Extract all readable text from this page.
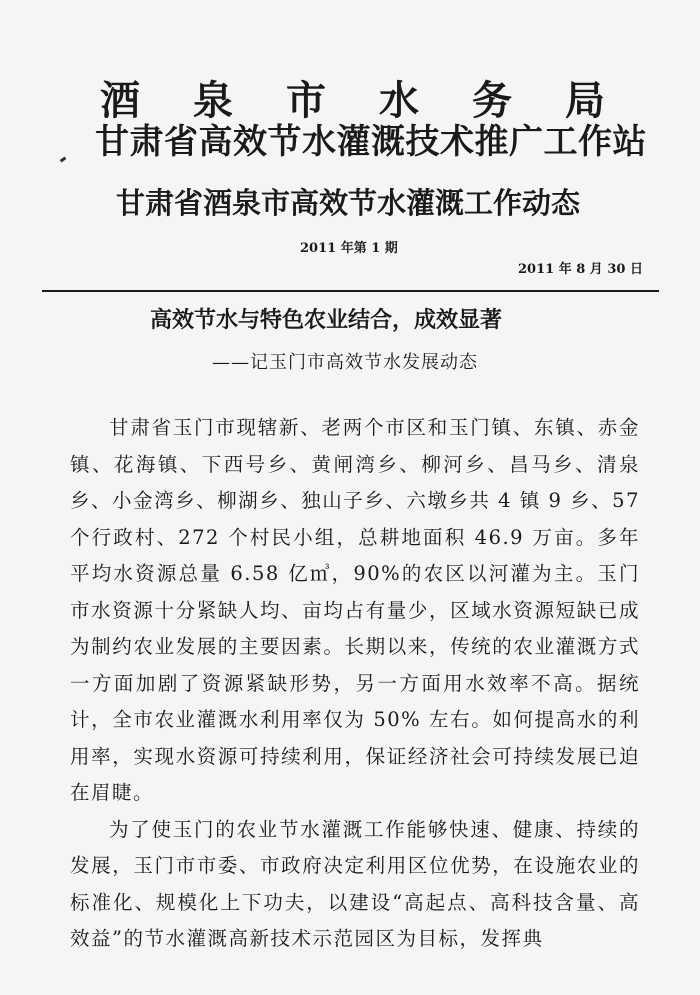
酒 泉 市 水 务 局
甘肃省高效节水灌溉技术推广工作站
甘肃省酒泉市高效节水灌溉工作动态
2011 年第 1 期
2011 年 8 月 30 日
高效节水与特色农业结合，成效显著
——记玉门市高效节水发展动态

甘肃省玉门市现辖新、老两个市区和玉门镇、东镇、赤金镇、花海镇、下西号乡、黄闸湾乡、柳河乡、昌马乡、清泉乡、小金湾乡、柳湖乡、独山子乡、六墩乡共 4 镇 9 乡、57 个行政村、272 个村民小组，总耕地面积 46.9 万亩。多年平均水资源总量 6.58 亿㎥，90%的农区以河灌为主。玉门市水资源十分紧缺人均、亩均占有量少，区域水资源短缺已成为制约农业发展的主要因素。长期以来，传统的农业灌溉方式一方面加剧了资源紧缺形势，另一方面用水效率不高。据统计，全市农业灌溉水利用率仅为 50% 左右。如何提高水的利用率，实现水资源可持续利用，保证经济社会可持续发展已迫在眉睫。

为了使玉门的农业节水灌溉工作能够快速、健康、持续的发展，玉门市市委、市政府决定利用区位优势，在设施农业的标准化、规模化上下功夫，以建设“高起点、高科技含量、高效益”的节水灌溉高新技术示范园区为目标，发挥典
